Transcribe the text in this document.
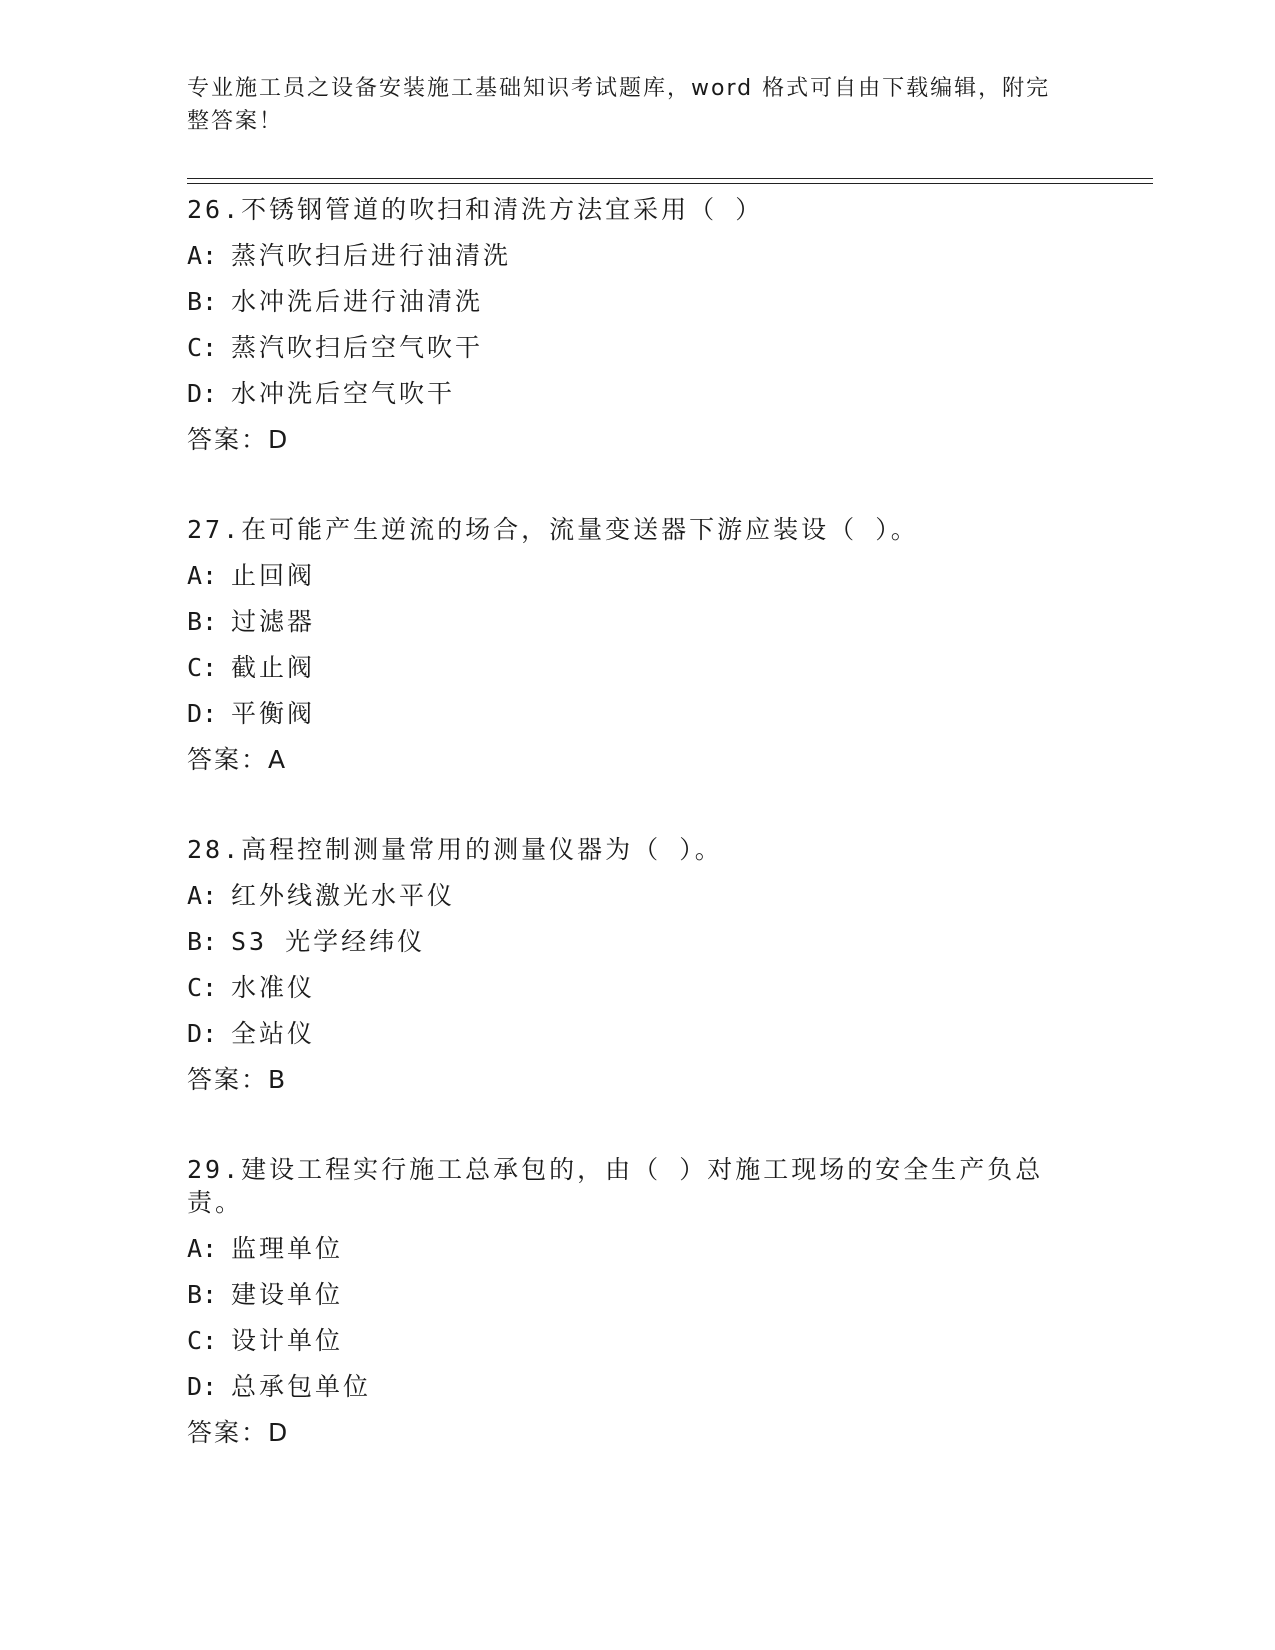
专业施工员之设备安装施工基础知识考试题库，word 格式可自由下载编辑，附完整答案！
26.不锈钢管道的吹扫和清洗方法宜采用（ ）
A: 蒸汽吹扫后进行油清洗
B: 水冲洗后进行油清洗
C: 蒸汽吹扫后空气吹干
D: 水冲洗后空气吹干
答案：D
27.在可能产生逆流的场合，流量变送器下游应装设（ ）。
A: 止回阀
B: 过滤器
C: 截止阀
D: 平衡阀
答案：A
28.高程控制测量常用的测量仪器为（ ）。
A: 红外线激光水平仪
B: S3 光学经纬仪
C: 水准仪
D: 全站仪
答案：B
29.建设工程实行施工总承包的，由（ ）对施工现场的安全生产负总责。
A: 监理单位
B: 建设单位
C: 设计单位
D: 总承包单位
答案：D
